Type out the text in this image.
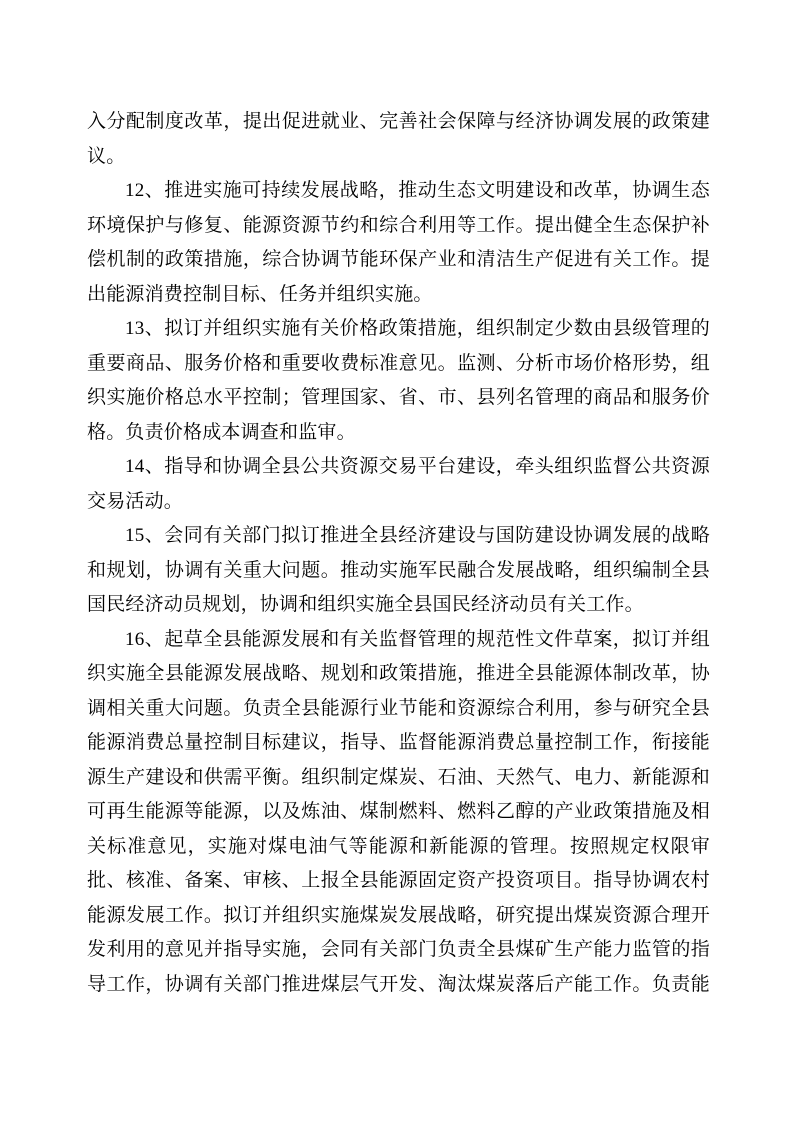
入分配制度改革，提出促进就业、完善社会保障与经济协调发展的政策建
议。
12、推进实施可持续发展战略，推动生态文明建设和改革，协调生态
环境保护与修复、能源资源节约和综合利用等工作。提出健全生态保护补
偿机制的政策措施，综合协调节能环保产业和清洁生产促进有关工作。提
出能源消费控制目标、任务并组织实施。
13、拟订并组织实施有关价格政策措施，组织制定少数由县级管理的
重要商品、服务价格和重要收费标准意见。监测、分析市场价格形势，组
织实施价格总水平控制；管理国家、省、市、县列名管理的商品和服务价
格。负责价格成本调查和监审。
14、指导和协调全县公共资源交易平台建设，牵头组织监督公共资源
交易活动。
15、会同有关部门拟订推进全县经济建设与国防建设协调发展的战略
和规划，协调有关重大问题。推动实施军民融合发展战略，组织编制全县
国民经济动员规划，协调和组织实施全县国民经济动员有关工作。
16、起草全县能源发展和有关监督管理的规范性文件草案，拟订并组
织实施全县能源发展战略、规划和政策措施，推进全县能源体制改革，协
调相关重大问题。负责全县能源行业节能和资源综合利用，参与研究全县
能源消费总量控制目标建议，指导、监督能源消费总量控制工作，衔接能
源生产建设和供需平衡。组织制定煤炭、石油、天然气、电力、新能源和
可再生能源等能源，以及炼油、煤制燃料、燃料乙醇的产业政策措施及相
关标准意见，实施对煤电油气等能源和新能源的管理。按照规定权限审
批、核准、备案、审核、上报全县能源固定资产投资项目。指导协调农村
能源发展工作。拟订并组织实施煤炭发展战略，研究提出煤炭资源合理开
发利用的意见并指导实施，会同有关部门负责全县煤矿生产能力监管的指
导工作，协调有关部门推进煤层气开发、淘汰煤炭落后产能工作。负责能
